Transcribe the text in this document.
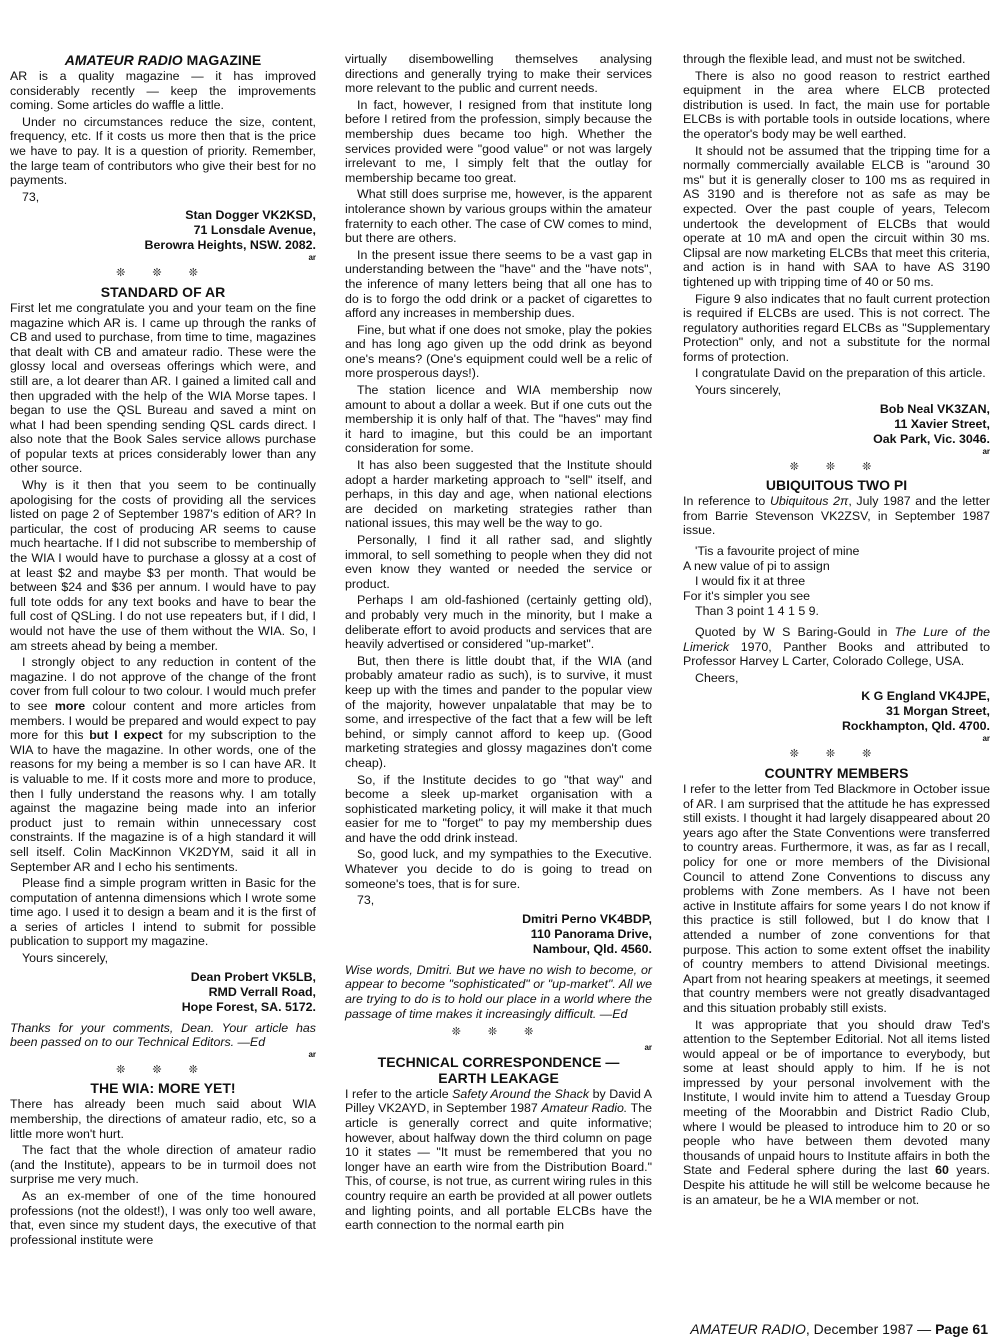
AMATEUR RADIO MAGAZINE

AR is a quality magazine — it has improved considerably recently — keep the improvements coming. Some articles do waffle a little.

Under no circumstances reduce the size, content, frequency, etc. If it costs us more then that is the price we have to pay. It is a question of priority. Remember, the large team of contributors who give their best for no payments.

73,

Stan Dogger VK2KSD,

71 Lonsdale Avenue,

Berowra Heights, NSW. 2082.

ar

❊ ❊ ❊
STANDARD OF AR

First let me congratulate you and your team on the fine magazine which AR is. I came up through the ranks of CB and used to purchase, from time to time, magazines that dealt with CB and amateur radio. These were the glossy local and overseas offerings which were, and still are, a lot dearer than AR. I gained a limited call and then upgraded with the help of the WIA Morse tapes. I began to use the QSL Bureau and saved a mint on what I had been spending sending QSL cards direct. I also note that the Book Sales service allows purchase of popular texts at prices considerably lower than any other source.

Why is it then that you seem to be continually apologising for the costs of providing all the services listed on page 2 of September 1987's edition of AR? In particular, the cost of producing AR seems to cause much heartache. If I did not subscribe to membership of the WIA I would have to purchase a glossy at a cost of at least $2 and maybe $3 per month. That would be between $24 and $36 per annum. I would have to pay full tote odds for any text books and have to bear the full cost of QSLing. I do not use repeaters but, if I did, I would not have the use of them without the WIA. So, I am streets ahead by being a member.

I strongly object to any reduction in content of the magazine. I do not approve of the change of the front cover from full colour to two colour. I would much prefer to see more colour content and more articles from members. I would be prepared and would expect to pay more for this but I expect for my subscription to the WIA to have the magazine. In other words, one of the reasons for my being a member is so I can have AR. It is valuable to me. If it costs more and more to produce, then I fully understand the reasons why. I am totally against the magazine being made into an inferior product just to remain within unnecessary cost constraints. If the magazine is of a high standard it will sell itself. Colin MacKinnon VK2DYM, said it all in September AR and I echo his sentiments.

Please find a simple program written in Basic for the computation of antenna dimensions which I wrote some time ago. I used it to design a beam and it is the first of a series of articles I intend to submit for possible publication to support my magazine.

Yours sincerely,

Dean Probert VK5LB,

RMD Verrall Road,

Hope Forest, SA. 5172.

Thanks for your comments, Dean. Your article has been passed on to our Technical Editors. —Ed

ar

❊ ❊ ❊
THE WIA: MORE YET!

There has already been much said about WIA membership, the directions of amateur radio, etc, so a little more won't hurt.

The fact that the whole direction of amateur radio (and the Institute), appears to be in turmoil does not surprise me very much.

As an ex-member of one of the time honoured professions (not the oldest!), I was only too well aware, that, even since my student days, the executive of that professional institute were

virtually disembowelling themselves analysing directions and generally trying to make their services more relevant to the public and current needs.

In fact, however, I resigned from that institute long before I retired from the profession, simply because the membership dues became too high. Whether the services provided were "good value" or not was largely irrelevant to me, I simply felt that the outlay for membership became too great.

What still does surprise me, however, is the apparent intolerance shown by various groups within the amateur fraternity to each other. The case of CW comes to mind, but there are others.

In the present issue there seems to be a vast gap in understanding between the "have" and the "have nots", the inference of many letters being that all one has to do is to forgo the odd drink or a packet of cigarettes to afford any increases in membership dues.

Fine, but what if one does not smoke, play the pokies and has long ago given up the odd drink as beyond one's means? (One's equipment could well be a relic of more prosperous days!).

The station licence and WIA membership now amount to about a dollar a week. But if one cuts out the membership it is only half of that. The "haves" may find it hard to imagine, but this could be an important consideration for some.

It has also been suggested that the Institute should adopt a harder marketing approach to "sell" itself, and perhaps, in this day and age, when national elections are decided on marketing strategies rather than national issues, this may well be the way to go.

Personally, I find it all rather sad, and slightly immoral, to sell something to people when they did not even know they wanted or needed the service or product.

Perhaps I am old-fashioned (certainly getting old), and probably very much in the minority, but I make a deliberate effort to avoid products and services that are heavily advertised or considered "up-market".

But, then there is little doubt that, if the WIA (and probably amateur radio as such), is to survive, it must keep up with the times and pander to the popular view of the majority, however unpalatable that may be to some, and irrespective of the fact that a few will be left behind, or simply cannot afford to keep up. (Good marketing strategies and glossy magazines don't come cheap).

So, if the Institute decides to go "that way" and become a sleek up-market organisation with a sophisticated marketing policy, it will make it that much easier for me to "forget" to pay my membership dues and have the odd drink instead.

So, good luck, and my sympathies to the Executive. Whatever you decide to do is going to tread on someone's toes, that is for sure.

73,

Dmitri Perno VK4BDP,

110 Panorama Drive,

Nambour, Qld. 4560.

Wise words, Dmitri. But we have no wish to become, or appear to become "sophisticated" or "up-market". All we are trying to do is to hold our place in a world where the passage of time makes it increasingly difficult. —Ed

❊ ❊ ❊

ar

TECHNICAL CORRESPONDENCE —
EARTH LEAKAGE

I refer to the article Safety Around the Shack by David A Pilley VK2AYD, in September 1987 Amateur Radio. The article is generally correct and quite informative; however, about halfway down the third column on page 10 it states — "It must be remembered that you no longer have an earth wire from the Distribution Board." This, of course, is not true, as current wiring rules in this country require an earth be provided at all power outlets and lighting points, and all portable ELCBs have the earth connection to the normal earth pin

through the flexible lead, and must not be switched.

There is also no good reason to restrict earthed equipment in the area where ELCB protected distribution is used. In fact, the main use for portable ELCBs is with portable tools in outside locations, where the operator's body may be well earthed.

It should not be assumed that the tripping time for a normally commercially available ELCB is "around 30 ms" but it is generally closer to 100 ms as required in AS 3190 and is therefore not as safe as may be expected. Over the past couple of years, Telecom undertook the development of ELCBs that would operate at 10 mA and open the circuit within 30 ms. Clipsal are now marketing ELCBs that meet this criteria, and action is in hand with SAA to have AS 3190 tightened up with tripping time of 40 or 50 ms.

Figure 9 also indicates that no fault current protection is required if ELCBs are used. This is not correct. The regulatory authorities regard ELCBs as "Supplementary Protection" only, and not a substitute for the normal forms of protection.

I congratulate David on the preparation of this article.

Yours sincerely,

Bob Neal VK3ZAN,

11 Xavier Street,

Oak Park, Vic. 3046.

ar

❊ ❊ ❊
UBIQUITOUS TWO PI

In reference to Ubiquitous 2π, July 1987 and the letter from Barrie Stevenson VK2ZSV, in September 1987 issue.

'Tis a favourite project of mine
A new value of pi to assign
I would fix it at three
For it's simpler you see
Than 3 point 1 4 1 5 9.

Quoted by W S Baring-Gould in The Lure of the Limerick 1970, Panther Books and attributed to Professor Harvey L Carter, Colorado College, USA.

Cheers,

K G England VK4JPE,

31 Morgan Street,

Rockhampton, Qld. 4700.

ar

❊ ❊ ❊
COUNTRY MEMBERS

I refer to the letter from Ted Blackmore in October issue of AR. I am surprised that the attitude he has expressed still exists. I thought it had largely disappeared about 20 years ago after the State Conventions were transferred to country areas. Furthermore, it was, as far as I recall, policy for one or more members of the Divisional Council to attend Zone Conventions to discuss any problems with Zone members. As I have not been active in Institute affairs for some years I do not know if this practice is still followed, but I do know that I attended a number of zone conventions for that purpose. This action to some extent offset the inability of country members to attend Divisional meetings. Apart from not hearing speakers at meetings, it seemed that country members were not greatly disadvantaged and this situation probably still exists.

It was appropriate that you should draw Ted's attention to the September Editorial. Not all items listed would appeal or be of importance to everybody, but some at least should apply to him. If he is not impressed by your personal involvement with the Institute, I would invite him to attend a Tuesday Group meeting of the Moorabbin and District Radio Club, where I would be pleased to introduce him to 20 or so people who have between them devoted many thousands of unpaid hours to Institute affairs in both the State and Federal sphere during the last 60 years. Despite his attitude he will still be welcome because he is an amateur, be he a WIA member or not.

AMATEUR RADIO, December 1987 — Page 61
